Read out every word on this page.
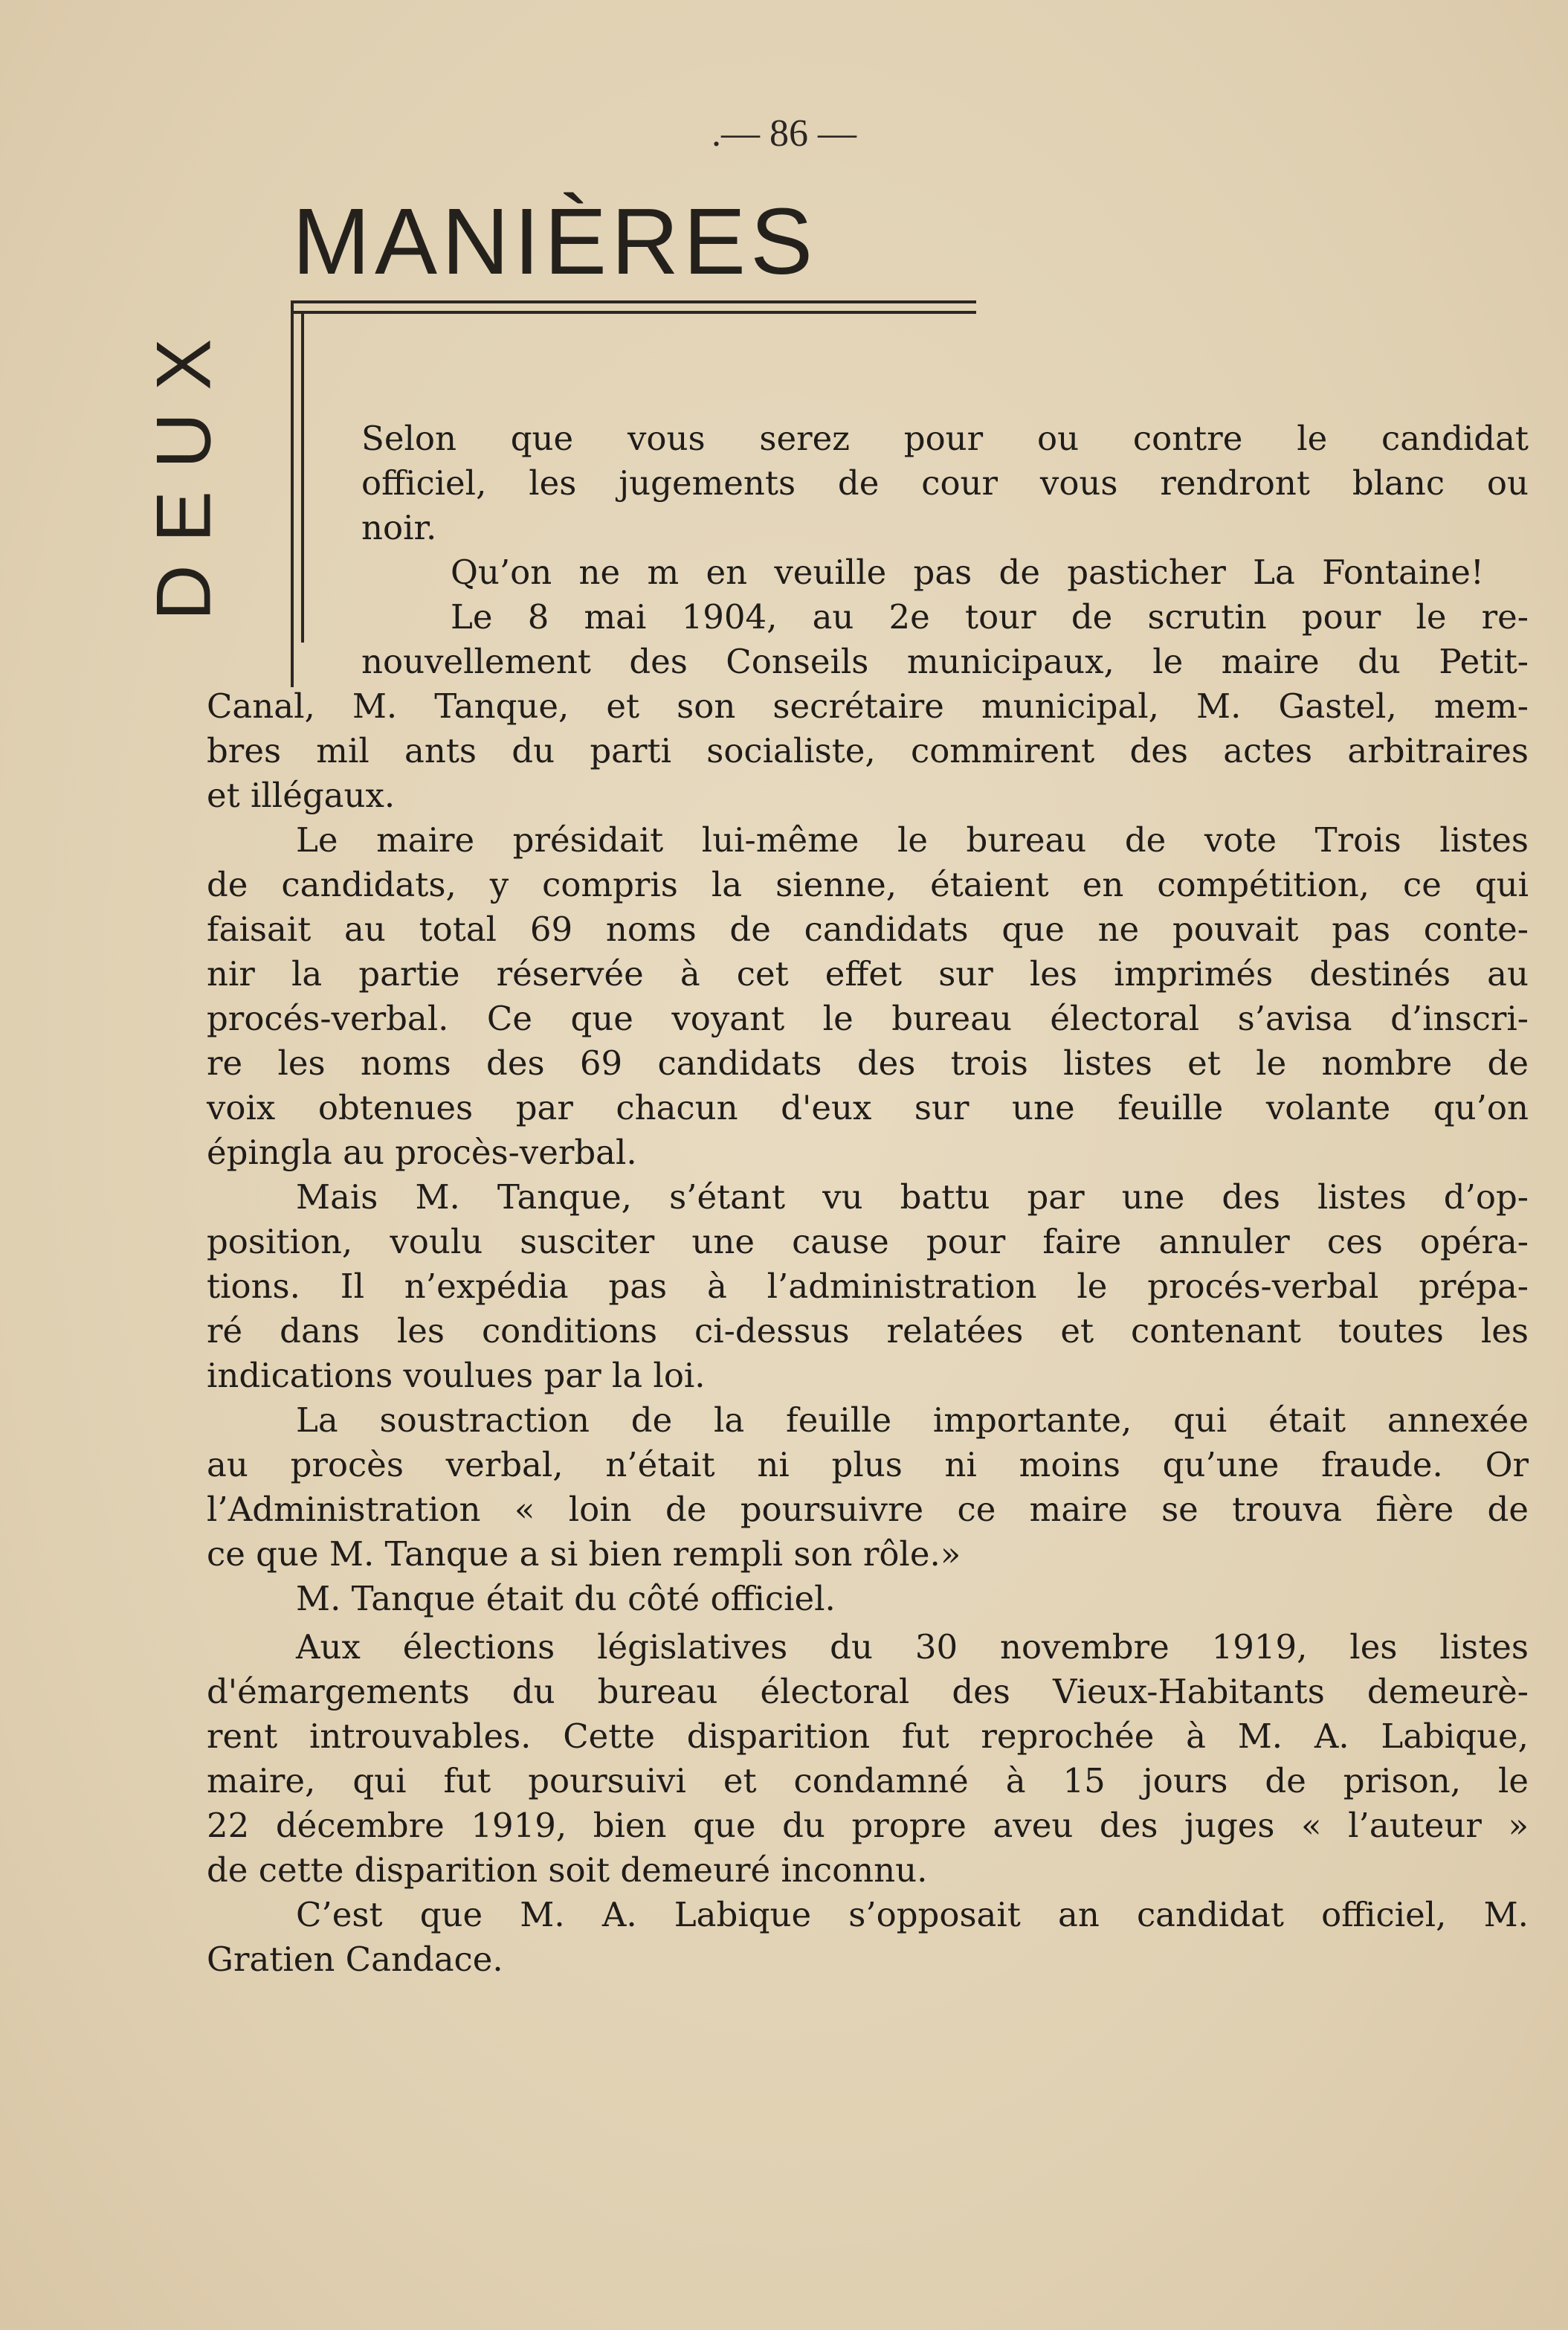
.— 86 —
MANIÈRES
DEUX	Selon que vous serez pour ou contre le candidat
officiel, les jugements de cour vous rendront blanc ou
noir.
Qu’on ne m en veuille pas de pasticher La Fontaine!
Le 8 mai 1904, au 2e tour de scrutin pour le re-
nouvellement des Conseils municipaux, le maire du Petit-
Canal, M. Tanque, et son secrétaire municipal, M. Gastel, mem-
bres mil ants du parti socialiste, commirent des actes arbitraires
et illégaux.
Le maire présidait lui-même le bureau de vote Trois listes
de candidats, y compris la sienne, étaient en compétition, ce qui
faisait au total 69 noms de candidats que ne pouvait pas conte-
nir la partie réservée à cet effet sur les imprimés destinés au
procés-verbal. Ce que voyant le bureau électoral s’avisa d’inscri-
re les noms des 69 candidats des trois listes et le nombre de
voix obtenues par chacun d'eux sur une feuille volante qu’on
épingla au procès-verbal.
Mais M. Tanque, s’étant vu battu par une des listes d’op-
position, voulu susciter une cause pour faire annuler ces opéra-
tions. Il n’expédia pas à l’administration le procés-verbal prépa-
ré dans les conditions ci-dessus relatées et contenant toutes les
indications voulues par la loi.
La soustraction de la feuille importante, qui était annexée
au procès verbal, n’était ni plus ni moins qu’une fraude. Or
l’Administration « loin de poursuivre ce maire se trouva fière de
ce que M. Tanque a si bien rempli son rôle.»
M. Tanque était du côté officiel.
Aux élections législatives du 30 novembre 1919, les listes
d'émargements du bureau électoral des Vieux-Habitants demeurè-
rent introuvables. Cette disparition fut reprochée à M. A. Labique,
maire, qui fut poursuivi et condamné à 15 jours de prison, le
22 décembre 1919, bien que du propre aveu des juges « l’auteur »
de cette disparition soit demeuré inconnu.
C’est que M. A. Labique s’opposait an candidat officiel, M.
Gratien Candace.
